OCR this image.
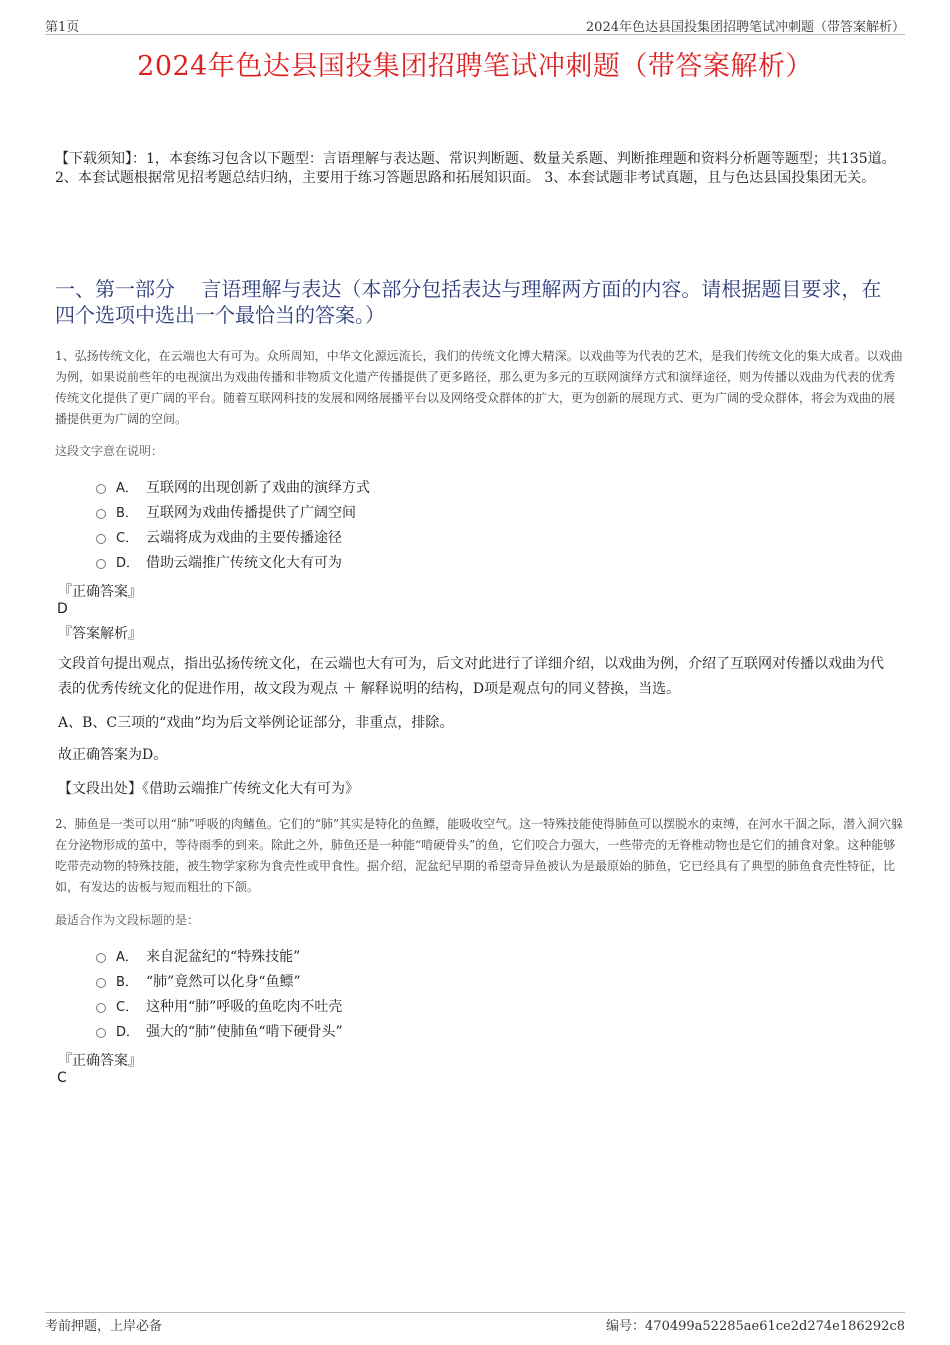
第1页	2024年色达县国投集团招聘笔试冲刺题（带答案解析）
2024年色达县国投集团招聘笔试冲刺题（带答案解析）
【下载须知】：1，本套练习包含以下题型：言语理解与表达题、常识判断题、数量关系题、判断推理题和资料分析题等题型；共135道。 2、本套试题根据常见招考题总结归纳，主要用于练习答题思路和拓展知识面。 3、本套试题非考试真题，且与色达县国投集团无关。
一、第一部分　 言语理解与表达（本部分包括表达与理解两方面的内容。请根据题目要求，在四个选项中选出一个最恰当的答案。）
1、弘扬传统文化，在云端也大有可为。众所周知，中华文化源远流长，我们的传统文化博大精深。以戏曲等为代表的艺术，是我们传统文化的集大成者。以戏曲为例，如果说前些年的电视演出为戏曲传播和非物质文化遗产传播提供了更多路径，那么更为多元的互联网演绎方式和演绎途径，则为传播以戏曲为代表的优秀传统文化提供了更广阔的平台。随着互联网科技的发展和网络展播平台以及网络受众群体的扩大，更为创新的展现方式、更为广阔的受众群体，将会为戏曲的展播提供更为广阔的空间。
这段文字意在说明：
A． 互联网的出现创新了戏曲的演绎方式
B． 互联网为戏曲传播提供了广阔空间
C． 云端将成为戏曲的主要传播途径
D． 借助云端推广传统文化大有可为
『正确答案』
D
『答案解析』
文段首句提出观点，指出弘扬传统文化，在云端也大有可为，后文对此进行了详细介绍，以戏曲为例，介绍了互联网对传播以戏曲为代表的优秀传统文化的促进作用，故文段为观点 ＋ 解释说明的结构，D项是观点句的同义替换，当选。
A、B、C三项的“戏曲”均为后文举例论证部分，非重点，排除。
故正确答案为D。
【文段出处】《借助云端推广传统文化大有可为》
2、肺鱼是一类可以用“肺”呼吸的肉鳍鱼。它们的“肺”其实是特化的鱼鳔，能吸收空气。这一特殊技能使得肺鱼可以摆脱水的束缚，在河水干涸之际，潜入洞穴躲在分泌物形成的茧中，等待雨季的到来。除此之外，肺鱼还是一种能“啃硬骨头”的鱼，它们咬合力强大，一些带壳的无脊椎动物也是它们的捕食对象。这种能够吃带壳动物的特殊技能，被生物学家称为食壳性或甲食性。据介绍，泥盆纪早期的希望奇异鱼被认为是最原始的肺鱼，它已经具有了典型的肺鱼食壳性特征，比如，有发达的齿板与短而粗壮的下颌。
最适合作为文段标题的是：
A． 来自泥盆纪的“特殊技能”
B． “肺”竟然可以化身“鱼鳔”
C． 这种用“肺”呼吸的鱼吃肉不吐壳
D． 强大的“肺”使肺鱼“啃下硬骨头”
『正确答案』
C
考前押题，上岸必备	编号：470499a52285ae61ce2d274e186292c8
